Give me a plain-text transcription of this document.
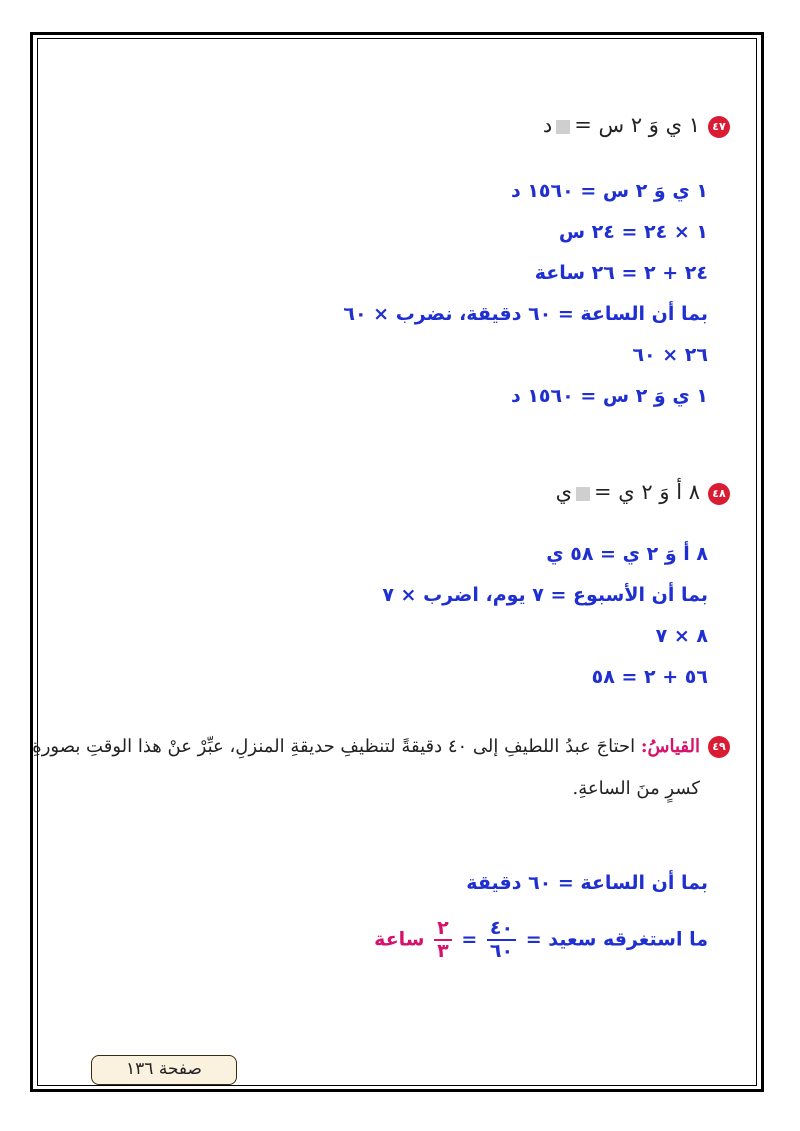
٤٧١ ي وَ ٢ س =د
١ ي وَ ٢ س = ١٥٦٠ د
١ × ٢٤ = ٢٤ س
٢٤ + ٢ = ٢٦ ساعة
بما أن الساعة = ٦٠ دقيقة، نضرب × ٦٠
٢٦ × ٦٠
١ ي وَ ٢ س = ١٥٦٠ د
٤٨٨ أ وَ ٢ ي =ي
٨ أ وَ ٢ ي = ٥٨ ي
بما أن الأسبوع = ٧ يوم، اضرب × ٧
٨ × ٧
٥٦ + ٢ = ٥٨
٤٩القياسُ: احتاجَ عبدُ اللطيفِ إلى ٤٠ دقيقةً لتنظيفِ حديقةِ المنزلِ، عبِّرْ عنْ هذا الوقتِ بصورةِ
كسرٍ منَ الساعةِ.
بما أن الساعة = ٦٠ دقيقة
ما استغرقه سعيد =
$\frac{٤٠}{٦٠}$
=
$\frac{٢}{٣}$
ساعة
صفحة ١٣٦
